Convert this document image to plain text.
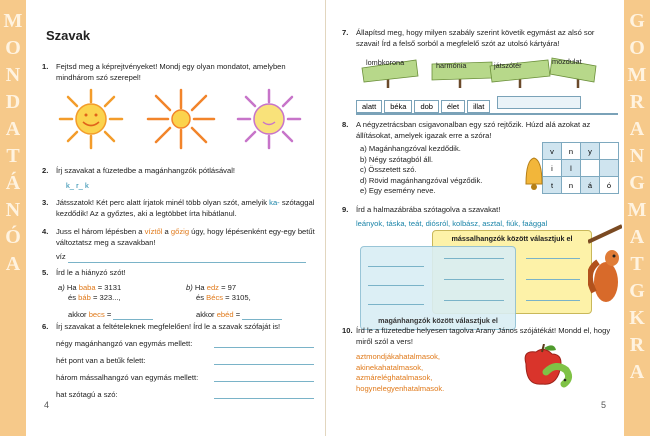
M
O
N
D
A
T
Á
N
Ó
A
G
O
M
R
A
N
G
M
A
T
G
K
R
A
Szavak
1. Fejtsd meg a képrejtvényeket! Mondj egy olyan mondatot, amelyben mindhárom szó szerepel!
2. Írj szavakat a füzetedbe a magánhangzók pótlásával!
k_ r_ k
3. Játsszatok! Két perc alatt írjatok minél több olyan szót, amelyik ka- szótaggal kezdődik! Az a győztes, aki a legtöbbet írta hibátlanul.
4. Juss el három lépésben a víztől a gőzig úgy, hogy lépésenként egy-egy betűt változtatsz meg a szavakban!
víz
5. Írd le a hiányzó szót!
a) Ha baba = 3131
és báb = 323...,
akkor becs =
b) Ha edz = 97
és Bécs = 3105,
akkor ebéd =
6. Írj szavakat a feltételeknek megfelelően! Írd le a szavak szófaját is!
négy magánhangzó van egymás mellett:
hét pont van a betűk felett:
három mássalhangzó van egymás mellett:
hat szótagú a szó:
4
7. Állapítsd meg, hogy milyen szabály szerint követik egymást az alsó sor szavai! Írd a felső sorból a megfelelő szót az utolsó kártyára!
lombkorona	harmónia	játszótér	mozdulat
alatt béka dob élet illat
8. A négyzetrácsban csigavonalban egy szó rejtőzik. Húzd alá azokat az állításokat, amelyek igazak erre a szóra!
a) Magánhangzóval kezdődik.
b) Négy szótagból áll.
c) Összetett szó.
d) Rövid magánhangzóval végződik.
e) Egy esemény neve.
v	n	y	
i	l		
t	n	á	ó
9. Írd a halmazábrába szótagolva a szavakat!
leányok, táska, teát, diósról, kolbász, asztal, fiúk, faággal
mássalhangzók között választjuk el
magánhangzók között választjuk el
10. Írd le a füzetedbe helyesen tagolva Arany János szójátékát! Mondd el, hogy miről szól a vers!
aztmondjákahatalmasok,
akinekahatalmasok,
azmáreléghatalmasok,
hogynelegyenhatalmasok.
5
